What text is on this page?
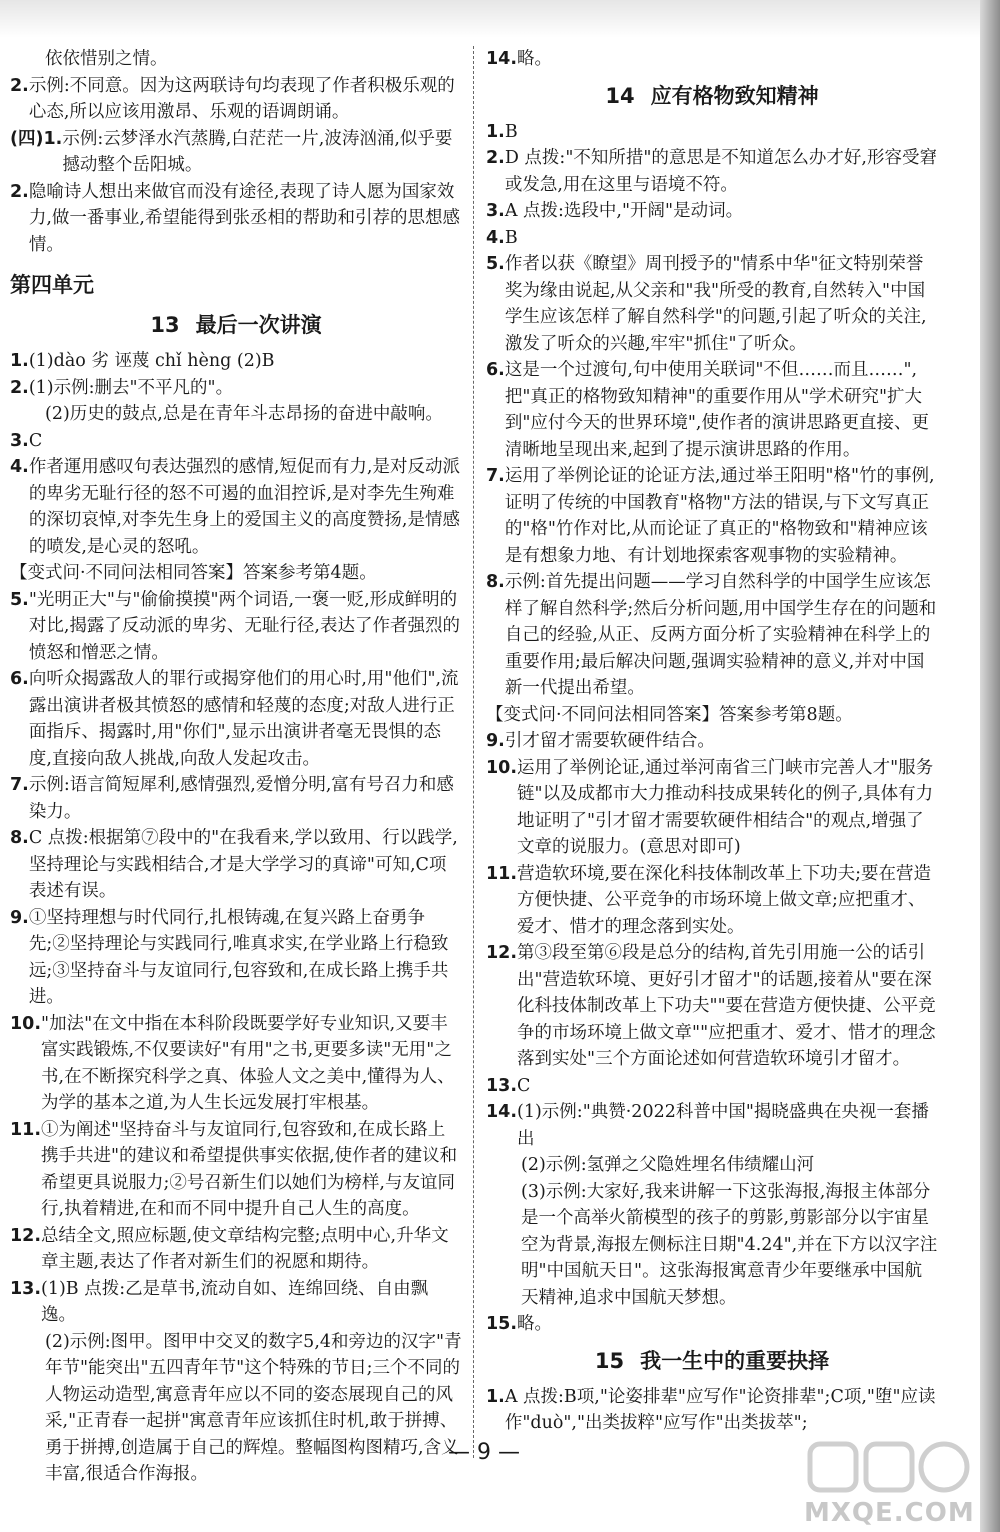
依依惜别之情。
2. 示例:不同意。因为这两联诗句均表现了作者积极乐观的心态,所以应该用激昂、乐观的语调朗诵。
(四)1. 示例:云梦泽水汽蒸腾,白茫茫一片,波涛汹涌,似乎要撼动整个岳阳城。
2. 隐喻诗人想出来做官而没有途径,表现了诗人愿为国家效力,做一番事业,希望能得到张丞相的帮助和引荐的思想感情。
第四单元
13 最后一次讲演
1. (1)dào 劣 诬蔑 chǐ hèng (2)B
2. (1)示例:删去"不平凡的"。
(2)历史的鼓点,总是在青年斗志昂扬的奋进中敲响。
3. C
4. 作者運用感叹句表达强烈的感情,短促而有力,是对反动派的卑劣无耻行径的怒不可遏的血泪控诉,是对李先生殉难的深切哀悼,对李先生身上的爱国主义的高度赞扬,是情感的喷发,是心灵的怒吼。
【变式问·不同问法相同答案】答案参考第4题。
5. "光明正大"与"偷偷摸摸"两个词语,一褒一贬,形成鲜明的对比,揭露了反动派的卑劣、无耻行径,表达了作者强烈的愤怒和憎恶之情。
6. 向听众揭露敌人的罪行或揭穿他们的用心时,用"他们",流露出演讲者极其愤怒的感情和轻蔑的态度;对敌人进行正面指斥、揭露时,用"你们",显示出演讲者毫无畏惧的态度,直接向敌人挑战,向敌人发起攻击。
7. 示例:语言简短犀利,感情强烈,爱憎分明,富有号召力和感染力。
8. C 点拨:根据第⑦段中的"在我看来,学以致用、行以践学,坚持理论与实践相结合,才是大学学习的真谛"可知,C项表述有误。
9. ①坚持理想与时代同行,扎根铸魂,在复兴路上奋勇争先;②坚持理论与实践同行,唯真求实,在学业路上行稳致远;③坚持奋斗与友谊同行,包容致和,在成长路上携手共进。
10. "加法"在文中指在本科阶段既要学好专业知识,又要丰富实践锻炼,不仅要读好"有用"之书,更要多读"无用"之书,在不断探究科学之真、体验人文之美中,懂得为人、为学的基本之道,为人生长远发展打牢根基。
11. ①为阐述"坚持奋斗与友谊同行,包容致和,在成长路上携手共进"的建议和希望提供事实依据,使作者的建议和希望更具说服力;②号召新生们以她们为榜样,与友谊同行,执着精进,在和而不同中提升自己人生的高度。
12. 总结全文,照应标题,使文章结构完整;点明中心,升华文章主题,表达了作者对新生们的祝愿和期待。
13. (1)B 点拨:乙是草书,流动自如、连绵回绕、自由飘逸。
(2)示例:图甲。图甲中交叉的数字5,4和旁边的汉字"青年节"能突出"五四青年节"这个特殊的节日;三个不同的人物运动造型,寓意青年应以不同的姿态展现自己的风采,"正青春一起拼"寓意青年应该抓住时机,敢于拼搏、勇于拼搏,创造属于自己的辉煌。整幅图构图精巧,含义丰富,很适合作海报。
14. 略。
14 应有格物致知精神
1. B
2. D 点拨:"不知所措"的意思是不知道怎么办才好,形容受窘或发急,用在这里与语境不符。
3. A 点拨:选段中,"开阔"是动词。
4. B
5. 作者以获《瞭望》周刊授予的"情系中华"征文特别荣誉奖为缘由说起,从父亲和"我"所受的教育,自然转入"中国学生应该怎样了解自然科学"的问题,引起了听众的关注,激发了听众的兴趣,牢牢"抓住"了听众。
6. 这是一个过渡句,句中使用关联词"不但……而且……",把"真正的格物致知精神"的重要作用从"学术研究"扩大到"应付今天的世界环境",使作者的演讲思路更直接、更清晰地呈现出来,起到了提示演讲思路的作用。
7. 运用了举例论证的论证方法,通过举王阳明"格"竹的事例,证明了传统的中国教育"格物"方法的错误,与下文写真正的"格"竹作对比,从而论证了真正的"格物致和"精神应该是有想象力地、有计划地探索客观事物的实验精神。
8. 示例:首先提出问题——学习自然科学的中国学生应该怎样了解自然科学;然后分析问题,用中国学生存在的问题和自己的经验,从正、反两方面分析了实验精神在科学上的重要作用;最后解决问题,强调实验精神的意义,并对中国新一代提出希望。
【变式问·不同问法相同答案】答案参考第8题。
9. 引才留才需要软硬件结合。
10. 运用了举例论证,通过举河南省三门峡市完善人才"服务链"以及成都市大力推动科技成果转化的例子,具体有力地证明了"引才留才需要软硬件相结合"的观点,增强了文章的说服力。(意思对即可)
11. 营造软环境,要在深化科技体制改革上下功夫;要在营造方便快捷、公平竞争的市场环境上做文章;应把重才、爱才、惜才的理念落到实处。
12. 第③段至第⑥段是总分的结构,首先引用施一公的话引出"营造软环境、更好引才留才"的话题,接着从"要在深化科技体制改革上下功夫""要在营造方便快捷、公平竞争的市场环境上做文章""应把重才、爱才、惜才的理念落到实处"三个方面论述如何营造软环境引才留才。
13. C
14. (1)示例:"典赞·2022科普中国"揭晓盛典在央视一套播出
(2)示例:氢弹之父隐姓埋名伟绩耀山河
(3)示例:大家好,我来讲解一下这张海报,海报主体部分是一个高举火箭模型的孩子的剪影,剪影部分以宇宙星空为背景,海报左侧标注日期"4.24",并在下方以汉字注明"中国航天日"。这张海报寓意青少年要继承中国航天精神,追求中国航天梦想。
15. 略。
15 我一生中的重要抉择
1. A 点拨:B项,"论姿排辈"应写作"论资排辈";C项,"堕"应读作"duò","出类拔粹"应写作"出类拔萃";
— 9 —
MXQE.COM
